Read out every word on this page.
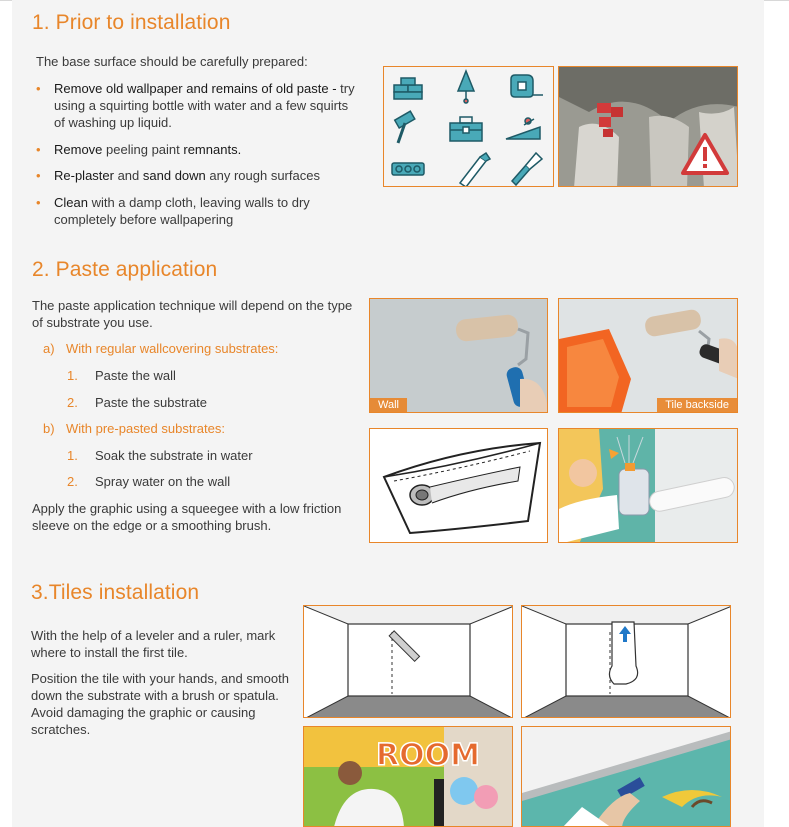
1. Prior to installation
The base surface should be carefully prepared:
• Remove old wallpaper and remains of old paste - try
using a squirting bottle with water and a few squirts
of washing up liquid.
• Remove peeling paint remnants.
• Re-plaster and sand down any rough surfaces
• Clean with a damp cloth, leaving walls to dry
completely before wallpapering
2. Paste application
The paste application technique will depend on the type
of substrate you use.
a) With regular wallcovering substrates:
1. Paste the wall
2. Paste the substrate
b) With pre-pasted substrates:
1. Soak the substrate in water
2. Spray water on the wall
Apply the graphic using a squeegee with a low friction
sleeve on the edge or a smoothing brush.
Wall	Tile backside
3.Tiles installation
With the help of a leveler and a ruler, mark
where to install the first tile.
Position the tile with your hands, and smooth
down the substrate with a brush or spatula.
Avoid damaging the graphic or causing
scratches.
ROOM
